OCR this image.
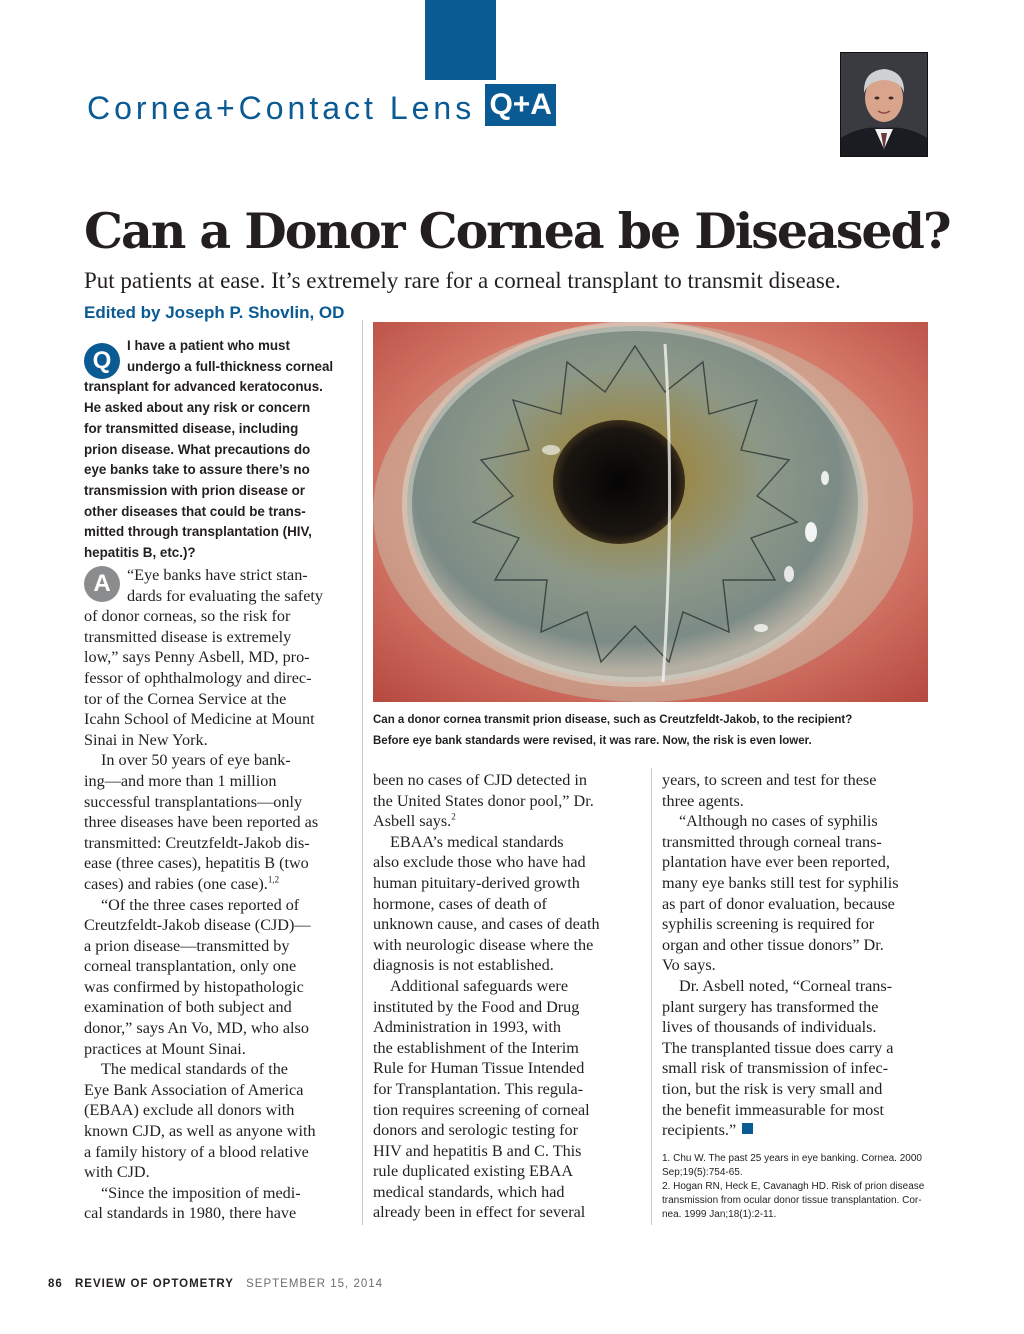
Cornea+Contact Lens Q+A
Can a Donor Cornea be Diseased?
Put patients at ease. It’s extremely rare for a corneal transplant to transmit disease.
Edited by Joseph P. Shovlin, OD

Can a donor cornea transmit prion disease, such as Creutzfeldt-Jakob, to the recipient?

Before eye bank standards were revised, it was rare. Now, the risk is even lower.

Q
I have a patient who must
undergo a full-thickness corneal
transplant for advanced keratoconus.
He asked about any risk or concern
for transmitted disease, including
prion disease. What precautions do
eye banks take to assure there’s no
transmission with prion disease or
other diseases that could be trans-
mitted through transplantation (HIV,
hepatitis B, etc.)?
A	“Eye banks have strict stan-
dards for evaluating the safety
of donor corneas, so the risk for
transmitted disease is extremely
low,” says Penny Asbell, MD, pro-
fessor of ophthalmology and direc-
tor of the Cornea Service at the
Icahn School of Medicine at Mount
Sinai in New York.
In over 50 years of eye bank-
ing—and more than 1 million
successful transplantations—only
three diseases have been reported as
transmitted: Creutzfeldt-Jakob dis-
ease (three cases), hepatitis B (two
cases) and rabies (one case).$^{1,2}$
“Of the three cases reported of
Creutzfeldt-Jakob disease (CJD)—
a prion disease—transmitted by
corneal transplantation, only one
was confirmed by histopathologic
examination of both subject and
donor,” says An Vo, MD, who also
practices at Mount Sinai.
The medical standards of the
Eye Bank Association of America
(EBAA) exclude all donors with
known CJD, as well as anyone with
a family history of a blood relative
with CJD.
“Since the imposition of medi-
cal standards in 1980, there have
been no cases of CJD detected in
the United States donor pool,” Dr.
Asbell says.$^2$
EBAA’s medical standards
also exclude those who have had
human pituitary-derived growth
hormone, cases of death of
unknown cause, and cases of death
with neurologic disease where the
diagnosis is not established.
Additional safeguards were
instituted by the Food and Drug
Administration in 1993, with
the establishment of the Interim
Rule for Human Tissue Intended
for Transplantation. This regula-
tion requires screening of corneal
donors and serologic testing for
HIV and hepatitis B and C. This
rule duplicated existing EBAA
medical standards, which had
already been in effect for several
years, to screen and test for these
three agents.
“Although no cases of syphilis
transmitted through corneal trans-
plantation have ever been reported,
many eye banks still test for syphilis
as part of donor evaluation, because
syphilis screening is required for
organ and other tissue donors” Dr.
Vo says.
Dr. Asbell noted, “Corneal trans-
plant surgery has transformed the
lives of thousands of individuals.
The transplanted tissue does carry a
small risk of transmission of infec-
tion, but the risk is very small and
the benefit immeasurable for most
recipients.”
1. Chu W. The past 25 years in eye banking. Cornea. 2000
Sep;19(5):754-65.
2. Hogan RN, Heck E, Cavanagh HD. Risk of prion disease
transmission from ocular donor tissue transplantation. Cor-
nea. 1999 Jan;18(1):2-11.
86 REVIEW OF OPTOMETRY SEPTEMBER 15, 2014
